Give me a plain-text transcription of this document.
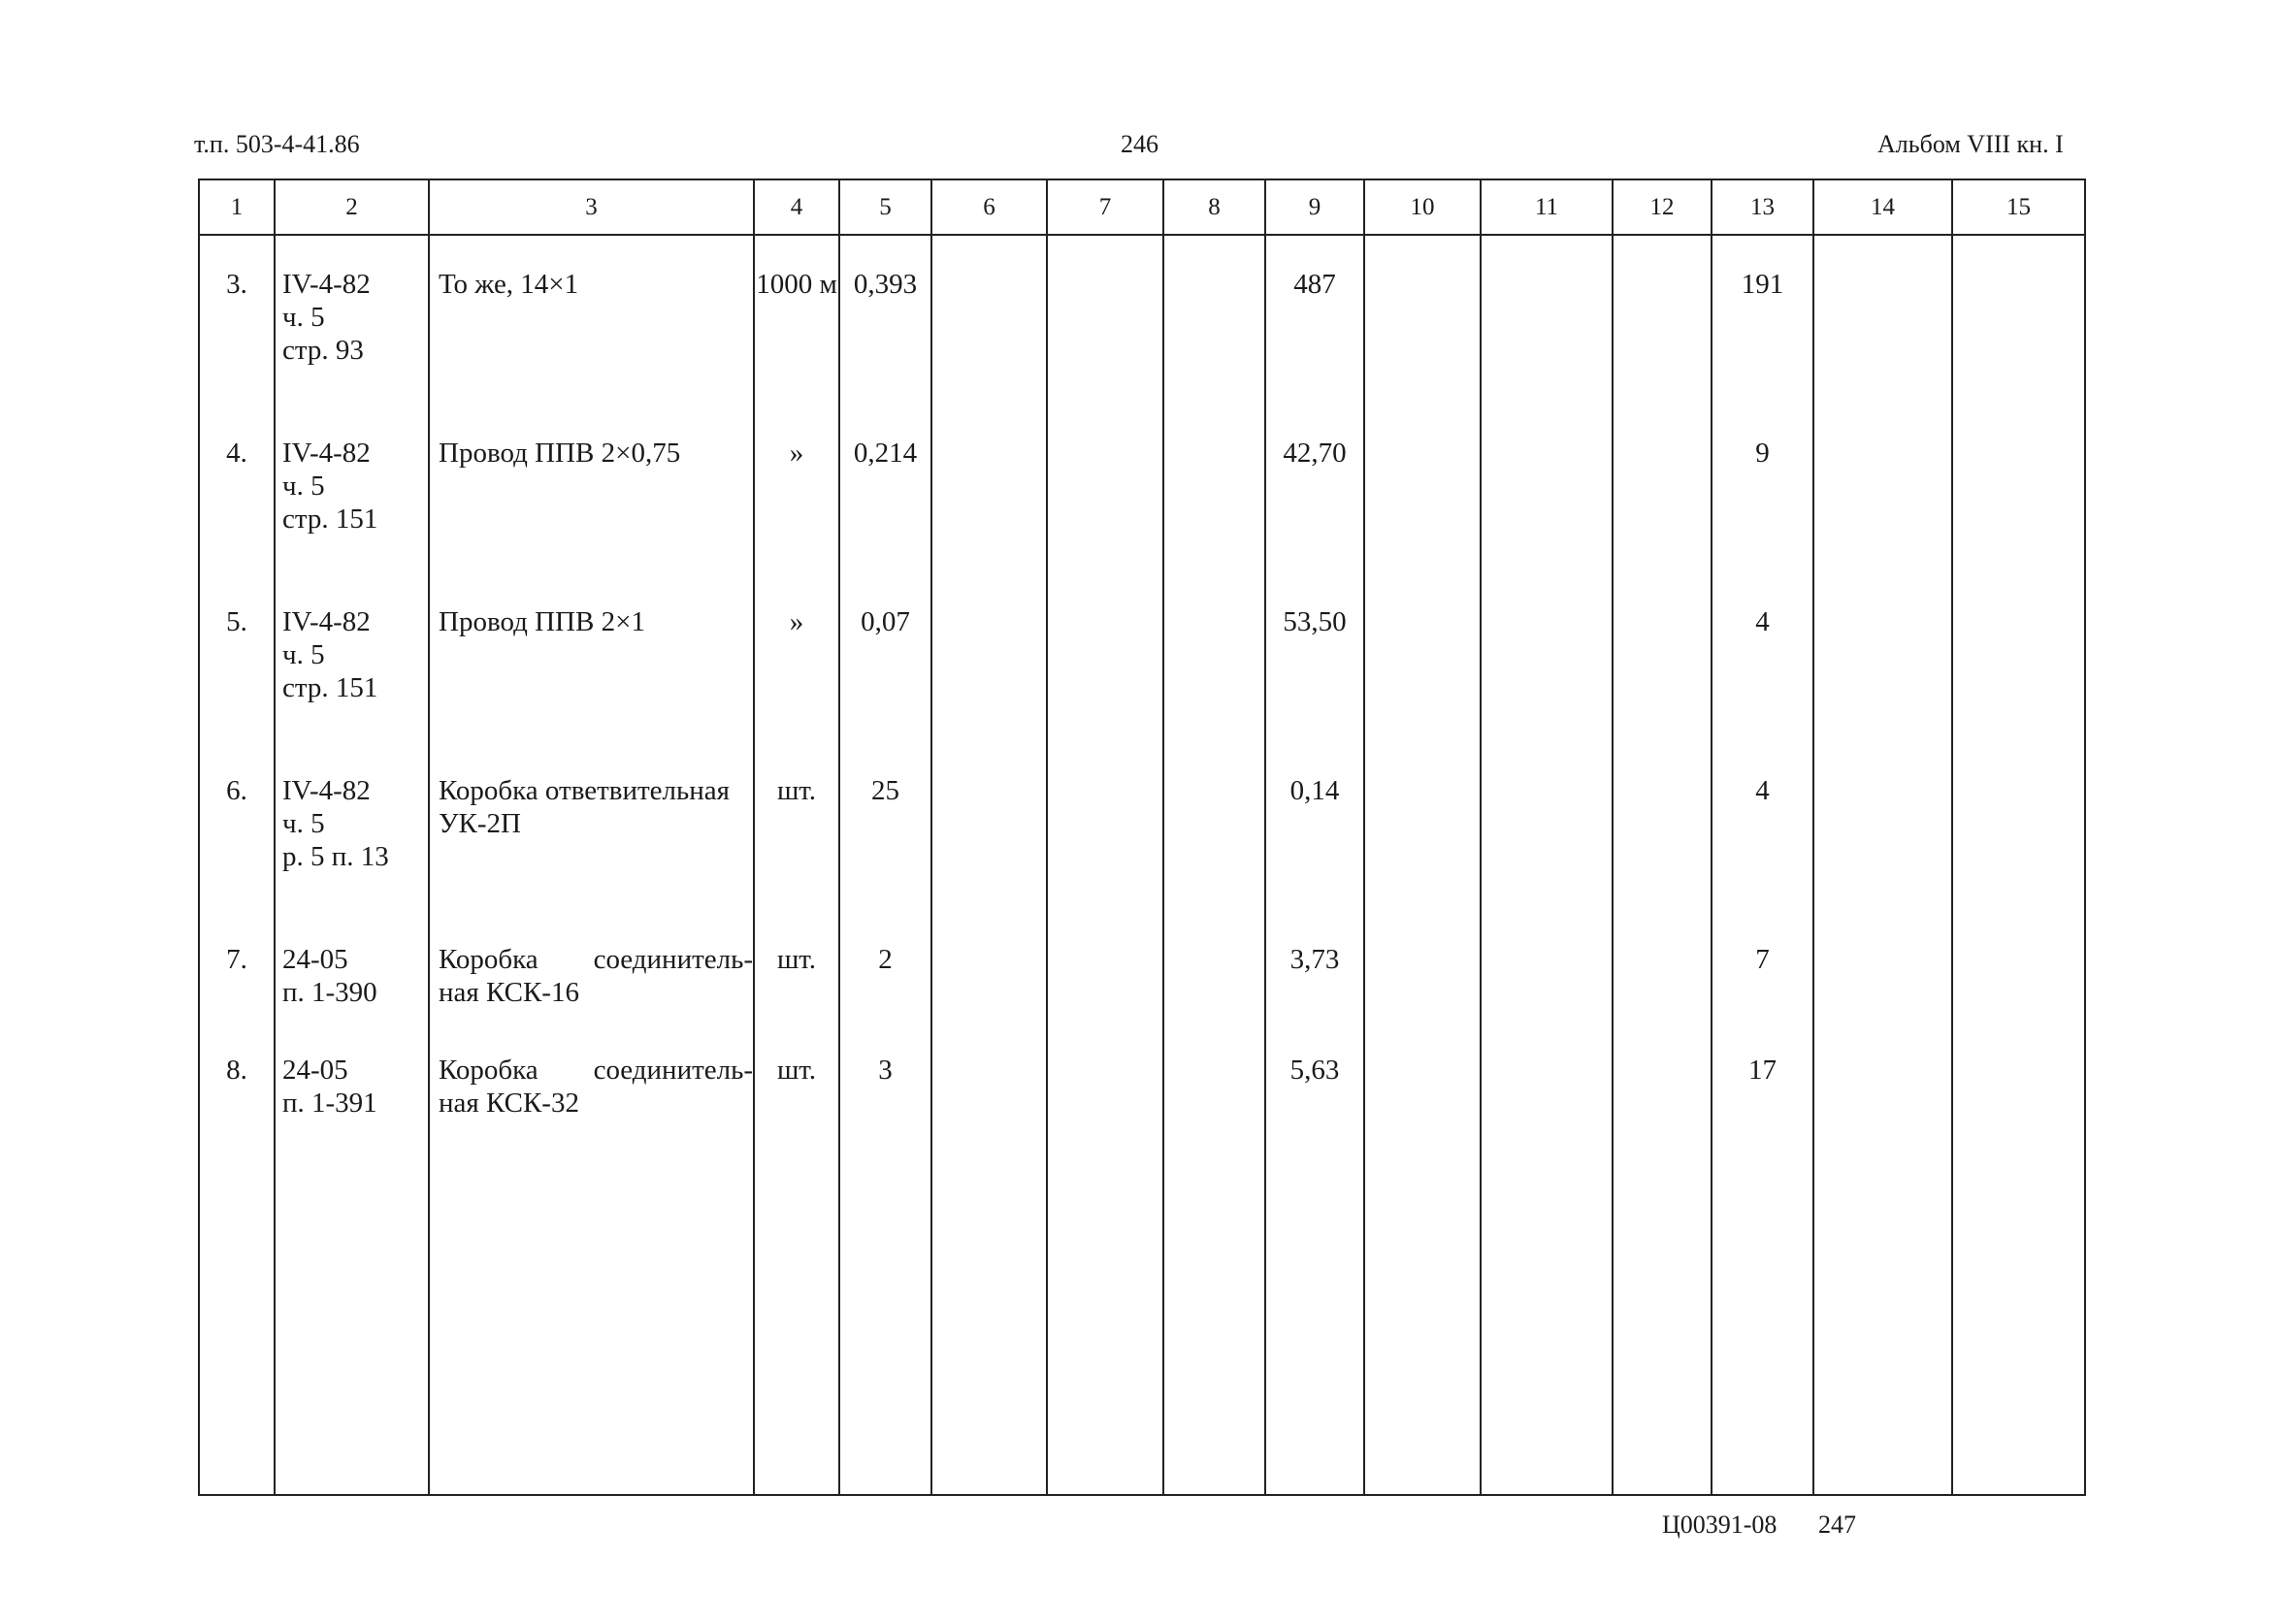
т.п. 503-4-41.86	246	Альбом VIII кн. I
1	2	3	4	5	6	7	8	9	10	11	12	13	14	15
3.	IV-4-82
ч. 5
стр. 93	То же, 14×1	1000 м	0,393				487				191		
4.	IV-4-82
ч. 5
стр. 151	Провод ППВ 2×0,75	»	0,214				42,70				9		
5.	IV-4-82
ч. 5
стр. 151	Провод ППВ 2×1	»	0,07				53,50				4		
6.	IV-4-82
ч. 5
р. 5 п. 13	Коробка ответвительная
УК-2П	шт.	25				0,14				4		
7.	24-05
п. 1-390	Коробка соединитель-
ная КСК-16	шт.	2				3,73				7		
8.	24-05
п. 1-391	Коробка соединитель-
ная КСК-32	шт.	3				5,63				17		

Ц00391-08 247
